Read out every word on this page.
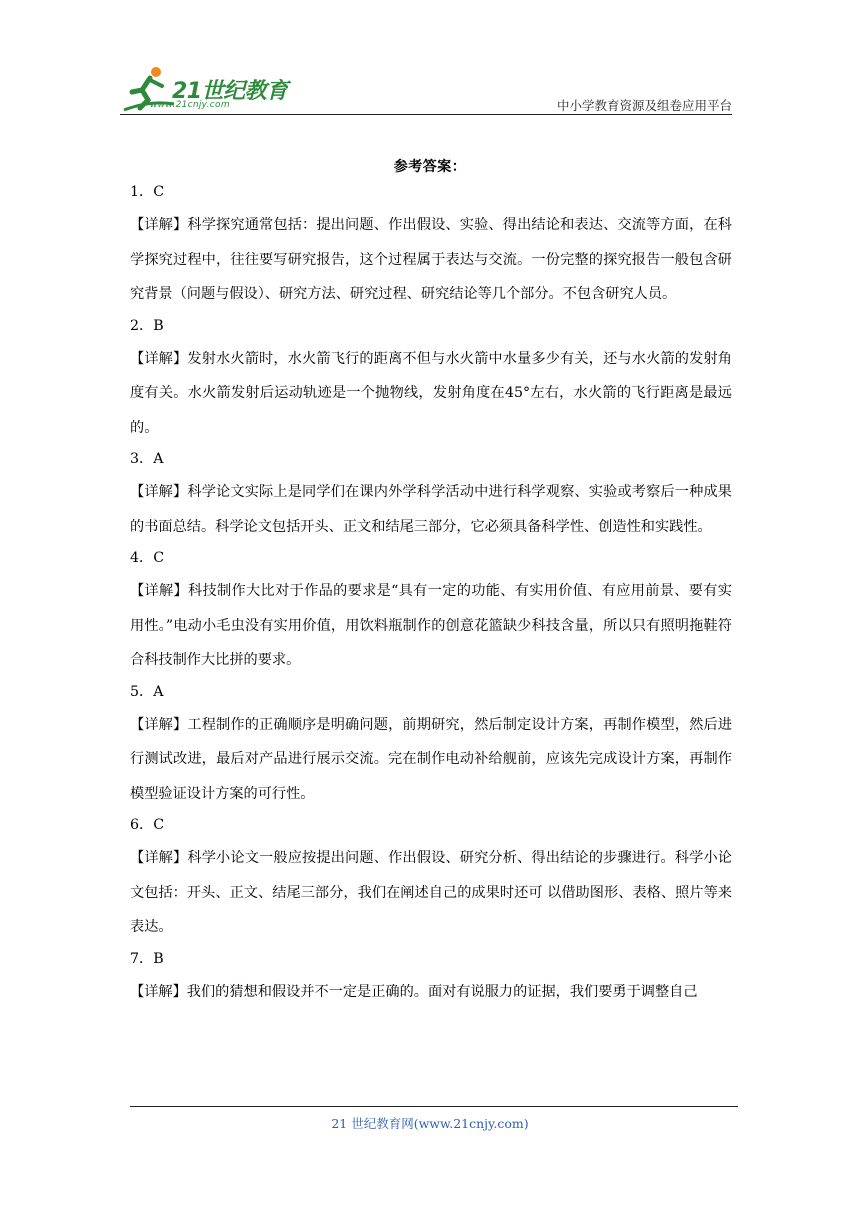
21世纪教育
www.21cnjy.com	中小学教育资源及组卷应用平台
参考答案：
1．C

【详解】科学探究通常包括：提出问题、作出假设、实验、得出结论和表达、交流等方面，在科学探究过程中，往往要写研究报告，这个过程属于表达与交流。一份完整的探究报告一般包含研究背景（问题与假设）、研究方法、研究过程、研究结论等几个部分。不包含研究人员。

2．B

【详解】发射水火箭时，水火箭飞行的距离不但与水火箭中水量多少有关，还与水火箭的发射角度有关。水火箭发射后运动轨迹是一个抛物线，发射角度在45°左右，水火箭的飞行距离是最远的。

3．A

【详解】科学论文实际上是同学们在课内外学科学活动中进行科学观察、实验或考察后一种成果的书面总结。科学论文包括开头、正文和结尾三部分，它必须具备科学性、创造性和实践性。

4．C

【详解】科技制作大比对于作品的要求是“具有一定的功能、有实用价值、有应用前景、要有实用性。”电动小毛虫没有实用价值，用饮料瓶制作的创意花篮缺少科技含量，所以只有照明拖鞋符合科技制作大比拼的要求。

5．A

【详解】工程制作的正确顺序是明确问题，前期研究，然后制定设计方案，再制作模型，然后进行测试改进，最后对产品进行展示交流。完在制作电动补给舰前，应该先完成设计方案，再制作模型验证设计方案的可行性。

6．C

【详解】科学小论文一般应按提出问题、作出假设、研究分析、得出结论的步骤进行。科学小论文包括：开头、正文、结尾三部分，我们在阐述自己的成果时还可 以借助图形、表格、照片等来表达。

7．B

【详解】我们的猜想和假设并不一定是正确的。面对有说服力的证据，我们要勇于调整自己

21 世纪教育网(www.21cnjy.com)
